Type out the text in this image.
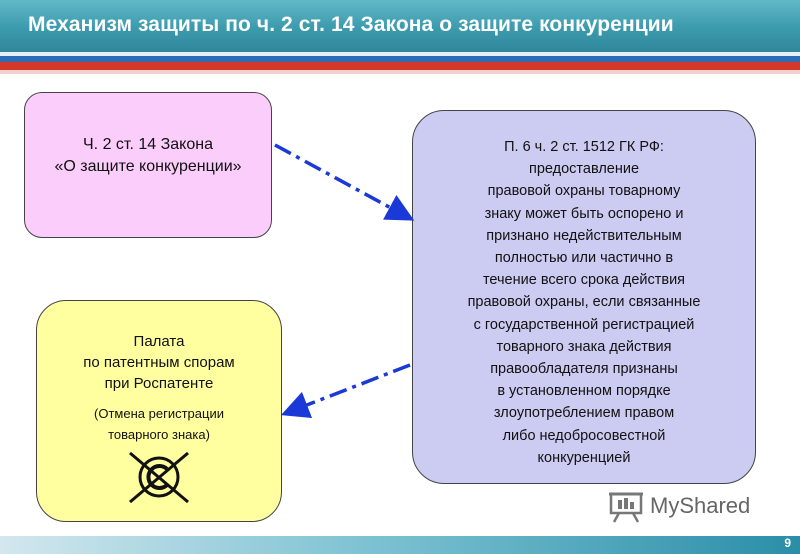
Механизм защиты по ч. 2 ст. 14 Закона о защите конкуренции
Ч. 2 ст. 14 Закона
«О защите конкуренции»
Палата
по патентным спорам
при Роспатенте
(Отмена регистрации
товарного знака)
П. 6 ч. 2 ст. 1512 ГК РФ:
предоставление
правовой охраны товарному
знаку может быть оспорено и
признано недействительным
полностью или частично в
течение всего срока действия
правовой охраны, если связанные
с государственной регистрацией
товарного знака действия
правообладателя признаны
в установленном порядке
злоупотреблением правом
либо недобросовестной
конкуренцией
MyShared
9
